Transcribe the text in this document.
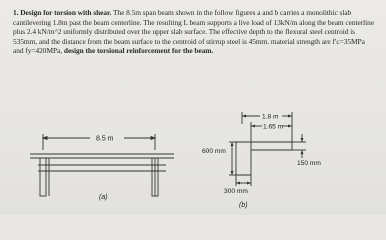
1. Design for torsion with shear. The 8.5m span beam shown in the follow figures a and b carries a monolithic slab cantilevering 1.8m past the beam centerline. The resulting L beam supports a live load of 13kN/m along the beam centerline plus 2.4 kN/m^2 uniformly distributed over the upper slab surface. The effective depth to the flexural steel centroid is 535mm, and the distance from the beam surface to the centroid of stirrup steel is 45mm. material strength are f′c=35MPa and fy=420MPa, design the torsional reinforcement for the beam.

8.5 m
(a)
1.8 m
1.65 m
600 mm
150 mm
300 mm
(b)
